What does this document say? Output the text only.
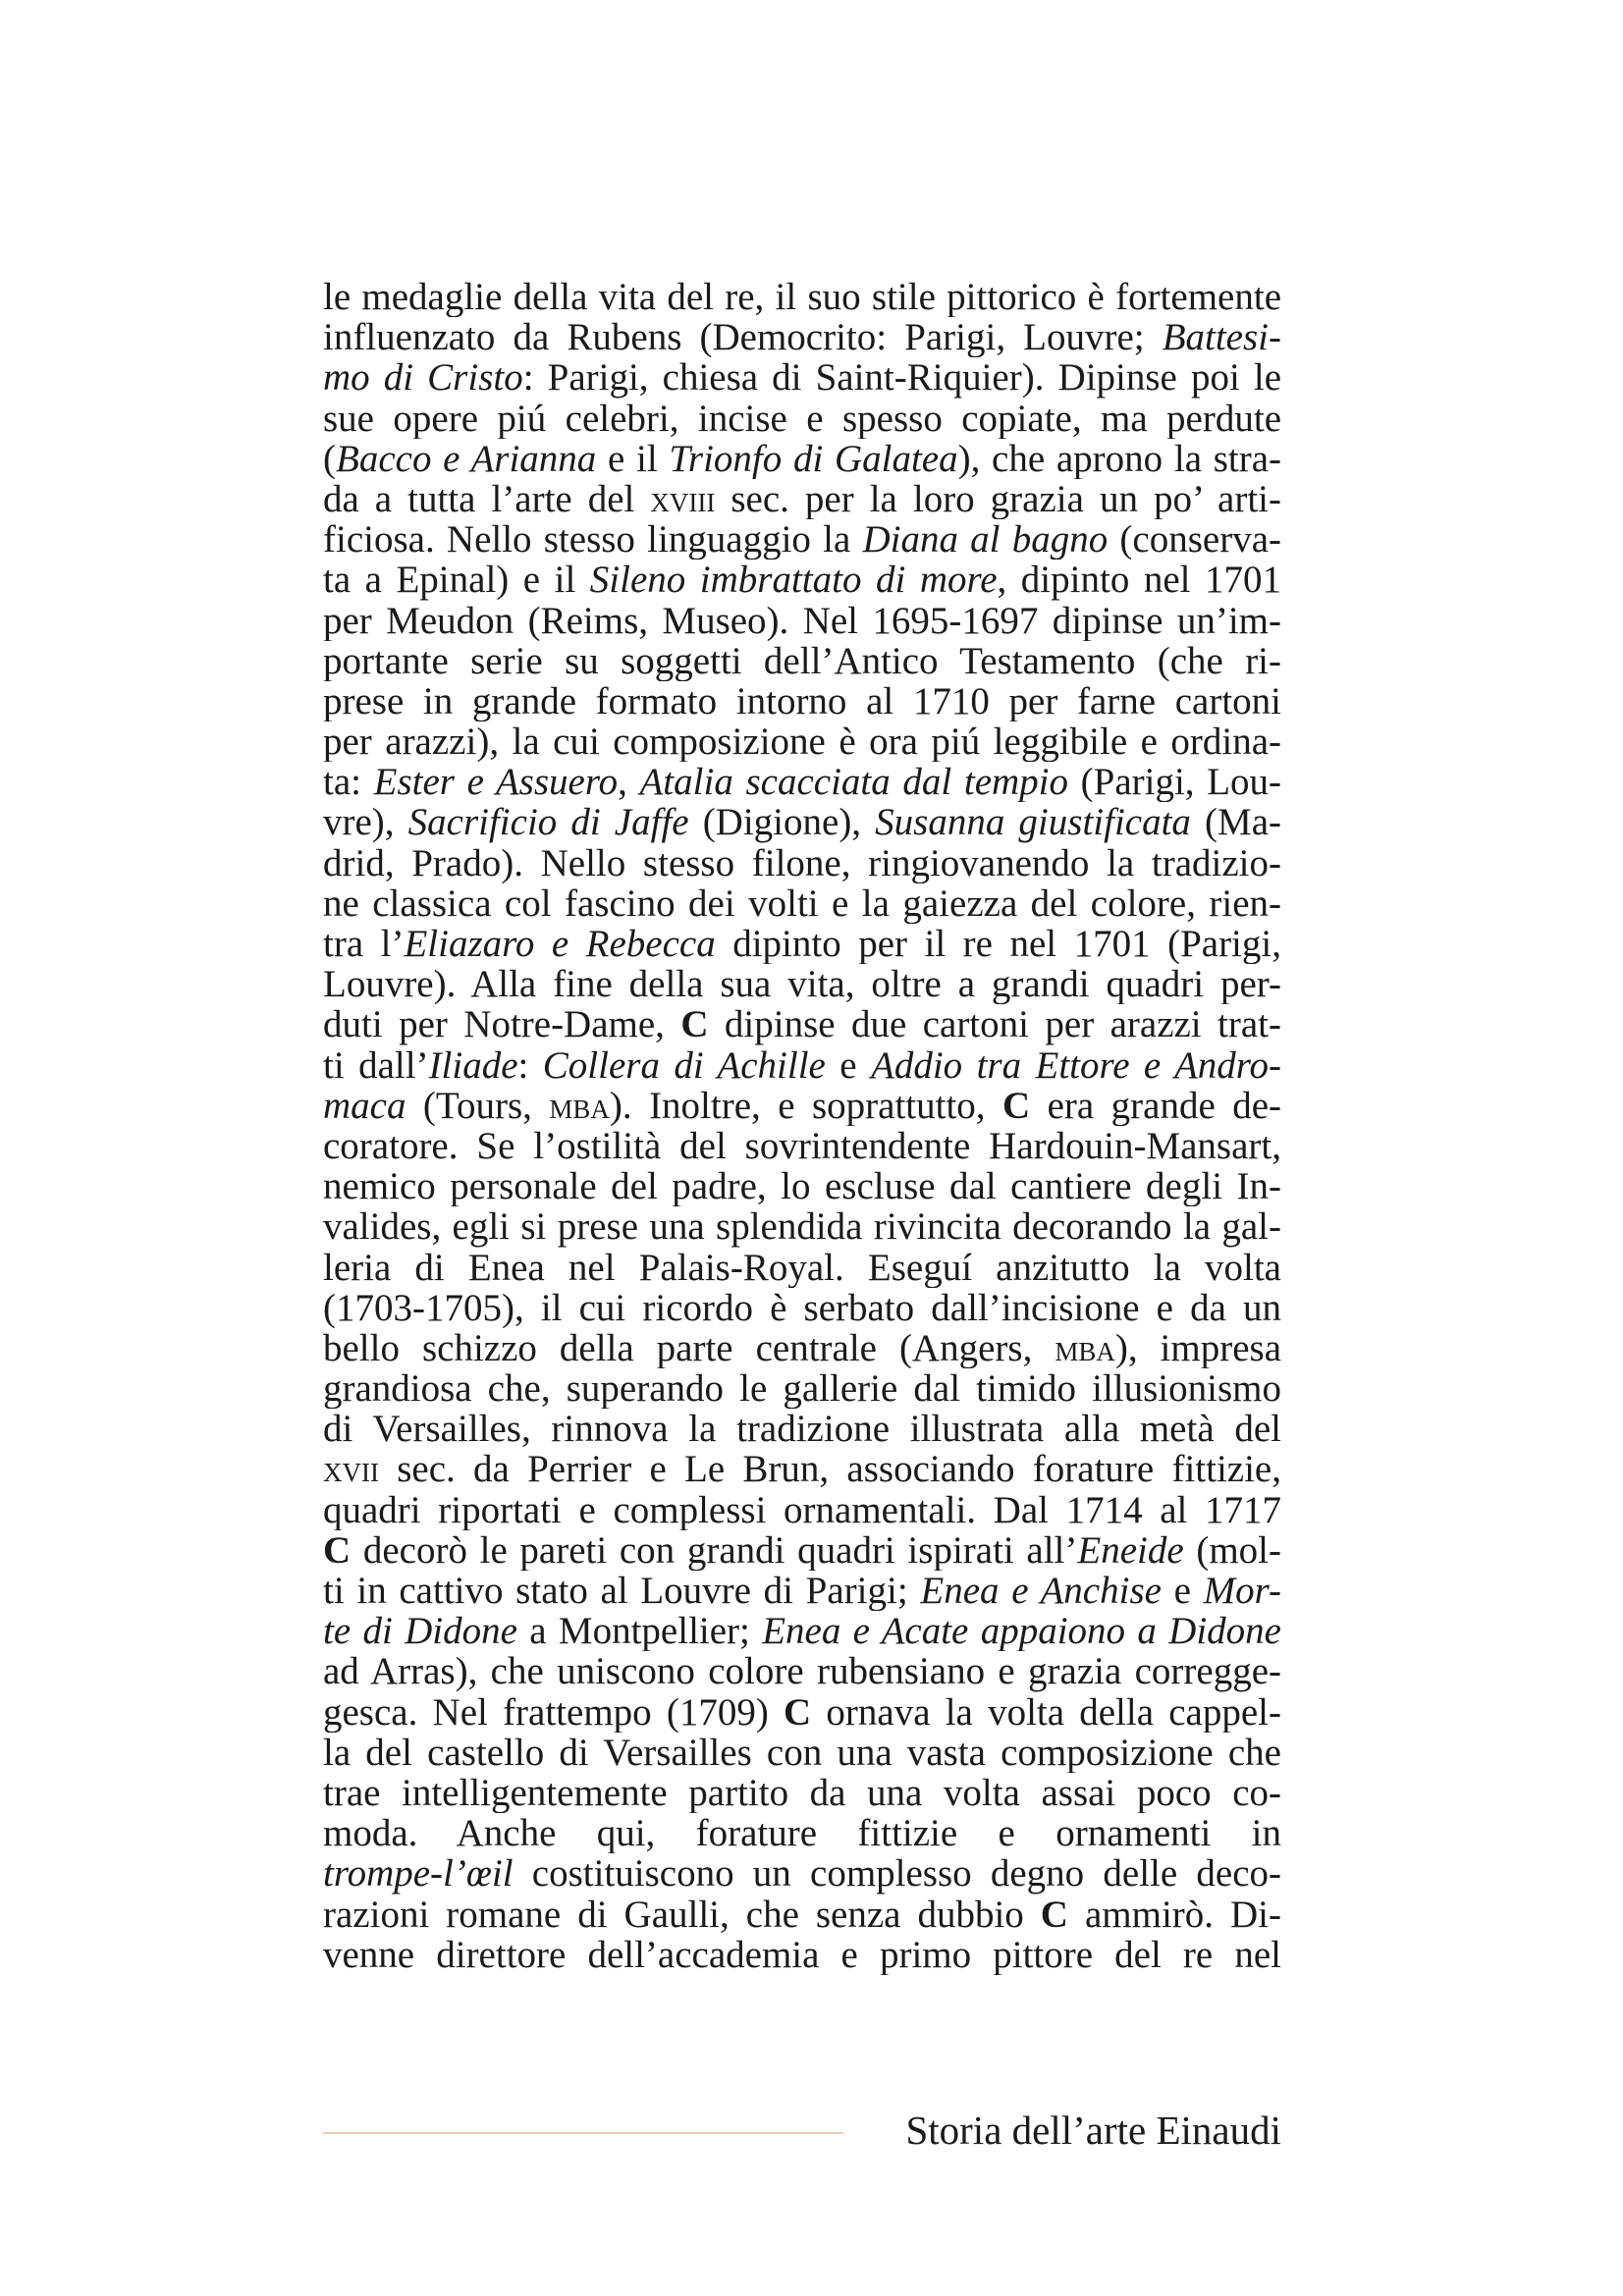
le medaglie della vita del re, il suo stile pittorico è fortemente
influenzato da Rubens (Democrito: Parigi, Louvre; Battesi-
mo di Cristo: Parigi, chiesa di Saint-Riquier). Dipinse poi le
sue opere piú celebri, incise e spesso copiate, ma perdute
(Bacco e Arianna e il Trionfo di Galatea), che aprono la stra-
da a tutta l’arte del xviii sec. per la loro grazia un po’ arti-
ficiosa. Nello stesso linguaggio la Diana al bagno (conserva-
ta a Epinal) e il Sileno imbrattato di more, dipinto nel 1701
per Meudon (Reims, Museo). Nel 1695-1697 dipinse un’im-
portante serie su soggetti dell’Antico Testamento (che ri-
prese in grande formato intorno al 1710 per farne cartoni
per arazzi), la cui composizione è ora piú leggibile e ordina-
ta: Ester e Assuero, Atalia scacciata dal tempio (Parigi, Lou-
vre), Sacrificio di Jaffe (Digione), Susanna giustificata (Ma-
drid, Prado). Nello stesso filone, ringiovanendo la tradizio-
ne classica col fascino dei volti e la gaiezza del colore, rien-
tra l’Eliazaro e Rebecca dipinto per il re nel 1701 (Parigi,
Louvre). Alla fine della sua vita, oltre a grandi quadri per-
duti per Notre-Dame, C dipinse due cartoni per arazzi trat-
ti dall’Iliade: Collera di Achille e Addio tra Ettore e Andro-
maca (Tours, mba). Inoltre, e soprattutto, C era grande de-
coratore. Se l’ostilità del sovrintendente Hardouin-Mansart,
nemico personale del padre, lo escluse dal cantiere degli In-
valides, egli si prese una splendida rivincita decorando la gal-
leria di Enea nel Palais-Royal. Eseguí anzitutto la volta
(1703-1705), il cui ricordo è serbato dall’incisione e da un
bello schizzo della parte centrale (Angers, mba), impresa
grandiosa che, superando le gallerie dal timido illusionismo
di Versailles, rinnova la tradizione illustrata alla metà del
xvii sec. da Perrier e Le Brun, associando forature fittizie,
quadri riportati e complessi ornamentali. Dal 1714 al 1717
C decorò le pareti con grandi quadri ispirati all’Eneide (mol-
ti in cattivo stato al Louvre di Parigi; Enea e Anchise e Mor-
te di Didone a Montpellier; Enea e Acate appaiono a Didone
ad Arras), che uniscono colore rubensiano e grazia corregge-
gesca. Nel frattempo (1709) C ornava la volta della cappel-
la del castello di Versailles con una vasta composizione che
trae intelligentemente partito da una volta assai poco co-
moda. Anche qui, forature fittizie e ornamenti in
trompe-l’œil costituiscono un complesso degno delle deco-
razioni romane di Gaulli, che senza dubbio C ammirò. Di-
venne direttore dell’accademia e primo pittore del re nel
Storia dell’arte Einaudi
